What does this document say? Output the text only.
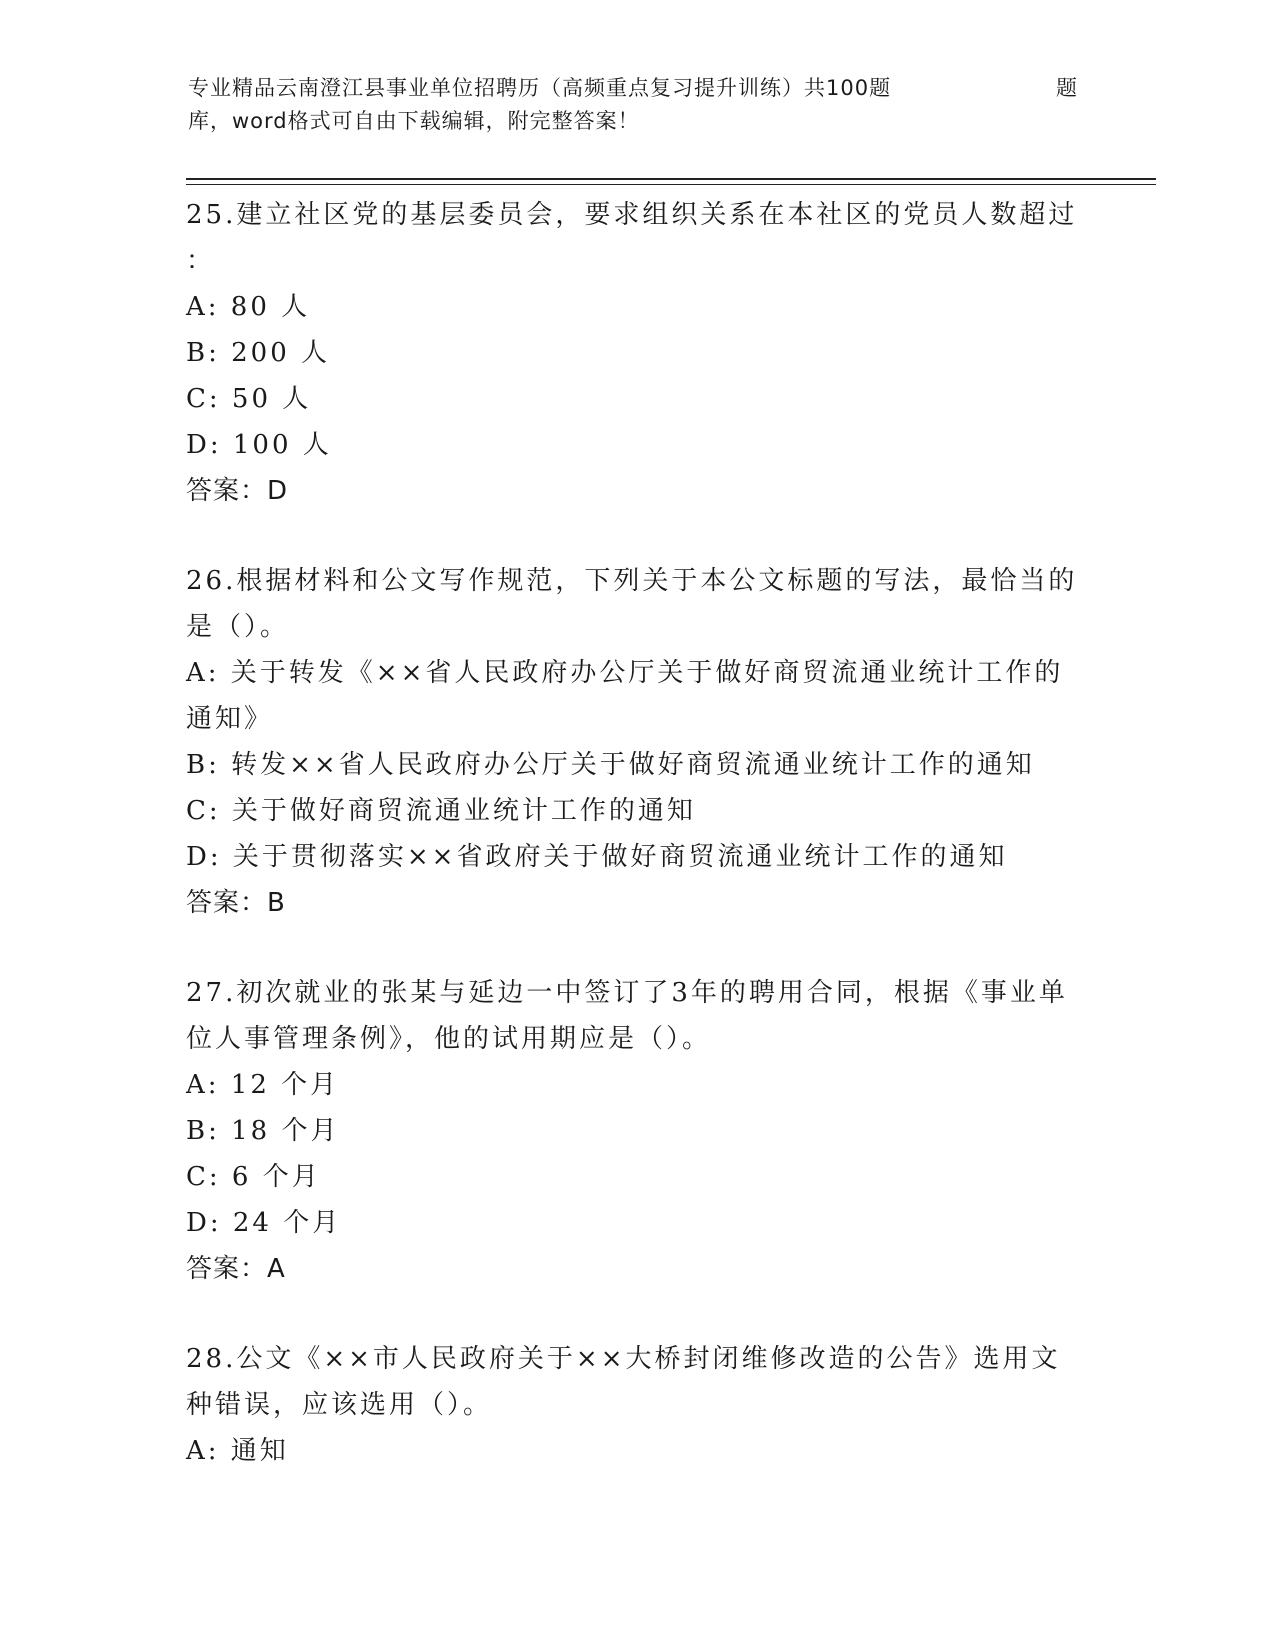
专业精品云南澄江县事业单位招聘历（高频重点复习提升训练）共100题	题
库，word格式可自由下载编辑，附完整答案！
25.建立社区党的基层委员会，要求组织关系在本社区的党员人数超过
：
A: 80 人
B: 200 人
C: 50 人
D: 100 人
答案：D
26.根据材料和公文写作规范，下列关于本公文标题的写法，最恰当的
是（）。
A: 关于转发《××省人民政府办公厅关于做好商贸流通业统计工作的
通知》
B: 转发××省人民政府办公厅关于做好商贸流通业统计工作的通知
C: 关于做好商贸流通业统计工作的通知
D: 关于贯彻落实××省政府关于做好商贸流通业统计工作的通知
答案：B
27.初次就业的张某与延边一中签订了3年的聘用合同，根据《事业单
位人事管理条例》，他的试用期应是（）。
A: 12 个月
B: 18 个月
C: 6 个月
D: 24 个月
答案：A
28.公文《××市人民政府关于××大桥封闭维修改造的公告》选用文
种错误，应该选用（）。
A: 通知
